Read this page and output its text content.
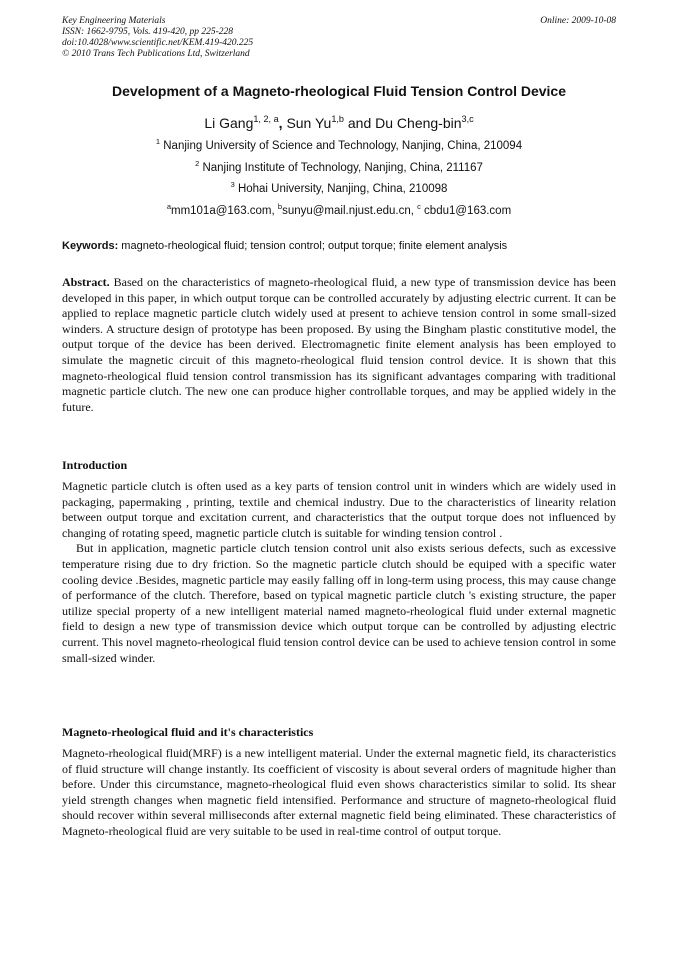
Key Engineering Materials
ISSN: 1662-9795, Vols. 419-420, pp 225-228
doi:10.4028/www.scientific.net/KEM.419-420.225
© 2010 Trans Tech Publications Ltd, Switzerland
Online: 2009-10-08
Development of a Magneto-rheological Fluid Tension Control Device
Li Gang$^{1, 2, a}$, Sun Yu$^{1,b}$ and Du Cheng-bin$^{3,c}$
$^1$ Nanjing University of Science and Technology, Nanjing, China, 210094
$^2$ Nanjing Institute of Technology, Nanjing, China, 211167
$^3$ Hohai University, Nanjing, China, 210098
$^a$mm101a@163.com, $^b$sunyu@mail.njust.edu.cn, $^c$ cbdu1@163.com
Keywords: magneto-rheological fluid; tension control; output torque; finite element analysis

Abstract. Based on the characteristics of magneto-rheological fluid, a new type of transmission device has been developed in this paper, in which output torque can be controlled accurately by adjusting electric current. It can be applied to replace magnetic particle clutch widely used at present to achieve tension control in some small-sized winders. A structure design of prototype has been proposed. By using the Bingham plastic constitutive model, the output torque of the device has been derived. Electromagnetic finite element analysis has been employed to simulate the magnetic circuit of this magneto-rheological fluid tension control device. It is shown that this magneto-rheological fluid tension control transmission has its significant advantages comparing with traditional magnetic particle clutch. The new one can produce higher controllable torques, and may be applied widely in the future.

Introduction

Magnetic particle clutch is often used as a key parts of tension control unit in winders which are widely used in packaging, papermaking , printing, textile and chemical industry. Due to the characteristics of linearity relation between output torque and excitation current, and characteristics that the output torque does not influenced by changing of rotating speed, magnetic particle clutch is suitable for winding tension control .

But in application, magnetic particle clutch tension control unit also exists serious defects, such as excessive temperature rising due to dry friction. So the magnetic particle clutch should be equiped with a specific water cooling device .Besides, magnetic particle may easily falling off in long-term using process, this may cause change of performance of the clutch. Therefore, based on typical magnetic particle clutch 's existing structure, the paper utilize special property of a new intelligent material named magneto-rheological fluid under external magnetic field to design a new type of transmission device which output torque can be controlled by adjusting electric current. This novel magneto-rheological fluid tension control device can be used to achieve tension control in some small-sized winder.

Magneto-rheological fluid and it's characteristics

Magneto-rheological fluid(MRF) is a new intelligent material. Under the external magnetic field, its characteristics of fluid structure will change instantly. Its coefficient of viscosity is about several orders of magnitude higher than before. Under this circumstance, magneto-rheological fluid even shows characteristics similar to solid. Its shear yield strength changes when magnetic field intensified. Performance and structure of magneto-rheological fluid should recover within several milliseconds after external magnetic field being eliminated. These characteristics of Magneto-rheological fluid are very suitable to be used in real-time control of output torque.
